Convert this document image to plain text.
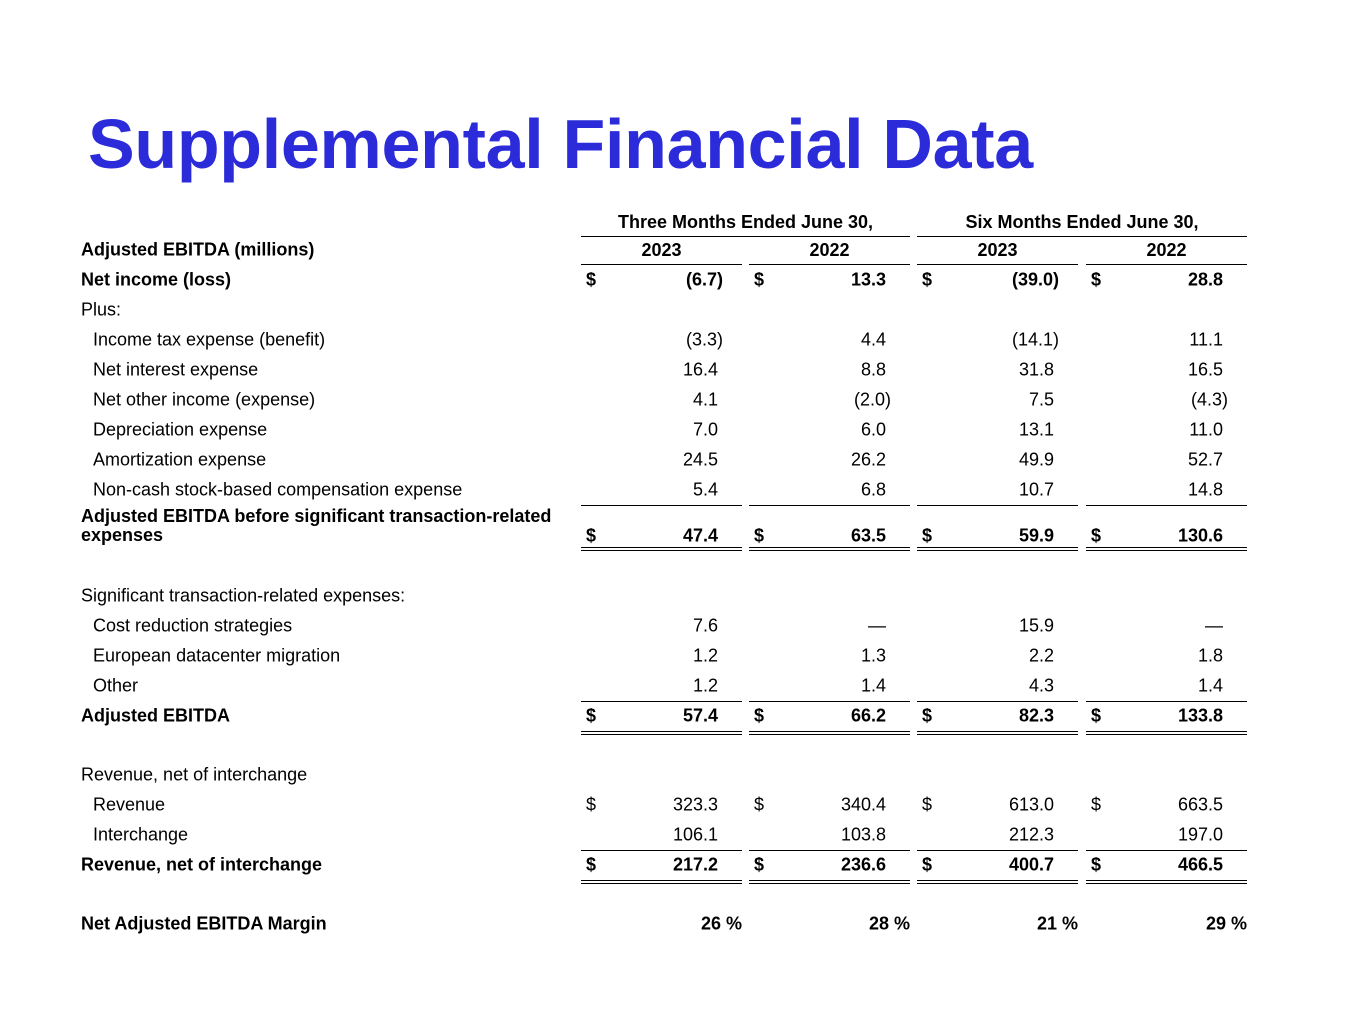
Supplemental Financial Data
Three Months Ended June 30,	Six Months Ended June 30,
Adjusted EBITDA (millions)	2023	2022	2023	2022
Net income (loss)	$	(6.7) $	13.3 $	(39.0) $	28.8
Plus:
Income tax expense (benefit)	(3.3)	4.4	(14.1)	11.1
Net interest expense	16.4	8.8	31.8	16.5
Net other income (expense)	4.1	(2.0)	7.5	(4.3)
Depreciation expense	7.0	6.0	13.1	11.0
Amortization expense	24.5	26.2	49.9	52.7
Non-cash stock-based compensation expense	5.4	6.8	10.7	14.8
Adjusted EBITDA before significant transaction-related
expenses	$	47.4 $	63.5 $	59.9 $	130.6
Significant transaction-related expenses:
Cost reduction strategies	7.6	—	15.9	—
European datacenter migration	1.2	1.3	2.2	1.8
Other	1.2	1.4	4.3	1.4
Adjusted EBITDA	$	57.4 $	66.2 $	82.3 $	133.8
Revenue, net of interchange
Revenue	$	323.3 $	340.4 $	613.0 $	663.5
Interchange	106.1	103.8	212.3	197.0
Revenue, net of interchange	$	217.2 $	236.6 $	400.7 $	466.5
Net Adjusted EBITDA Margin	26 %	28 %	21 %	29 %
